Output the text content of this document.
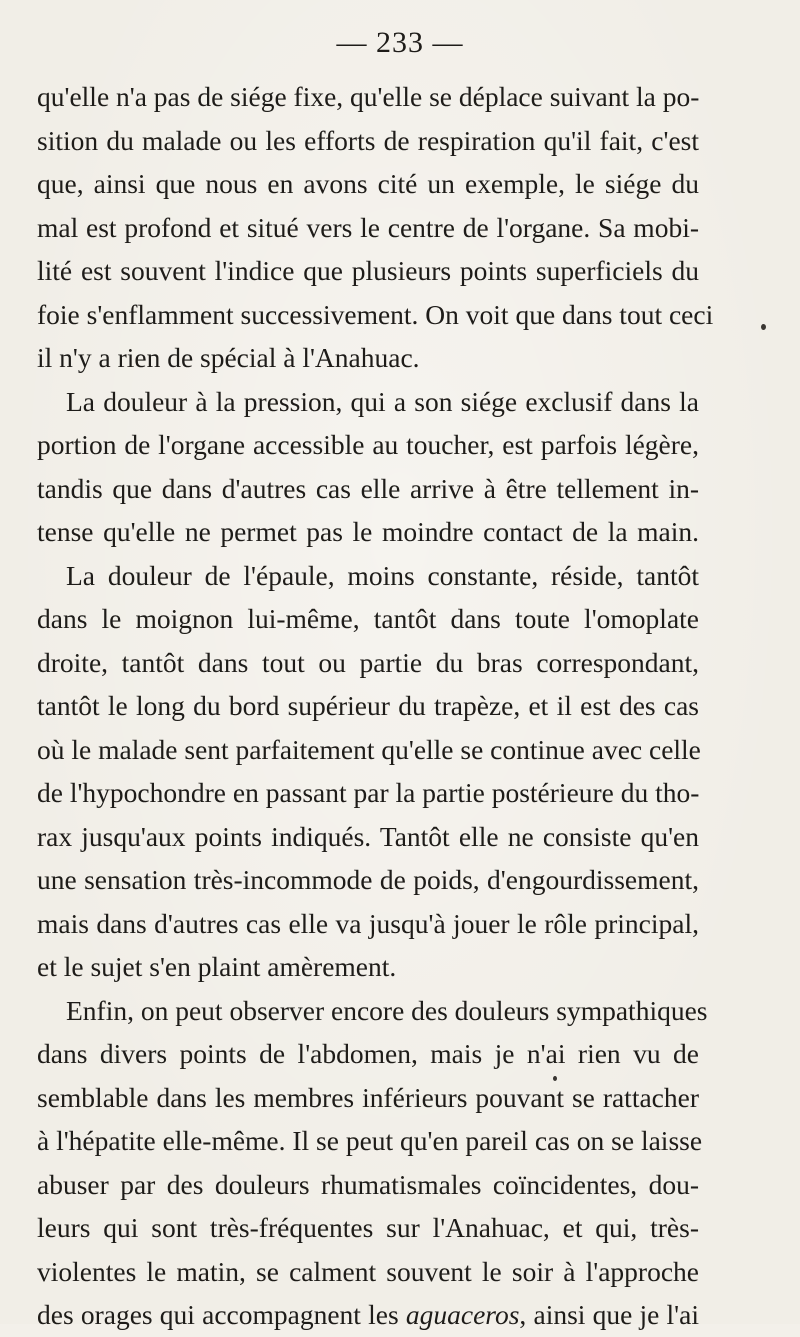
— 233 —
qu'elle n'a pas de siége fixe, qu'elle se déplace suivant la po-
sition du malade ou les efforts de respiration qu'il fait, c'est
que, ainsi que nous en avons cité un exemple, le siége du
mal est profond et situé vers le centre de l'organe. Sa mobi-
lité est souvent l'indice que plusieurs points superficiels du
foie s'enflamment successivement. On voit que dans tout ceci
il n'y a rien de spécial à l'Anahuac.
La douleur à la pression, qui a son siége exclusif dans la
portion de l'organe accessible au toucher, est parfois légère,
tandis que dans d'autres cas elle arrive à être tellement in-
tense qu'elle ne permet pas le moindre contact de la main.
La douleur de l'épaule, moins constante, réside, tantôt
dans le moignon lui-même, tantôt dans toute l'omoplate
droite, tantôt dans tout ou partie du bras correspondant,
tantôt le long du bord supérieur du trapèze, et il est des cas
où le malade sent parfaitement qu'elle se continue avec celle
de l'hypochondre en passant par la partie postérieure du tho-
rax jusqu'aux points indiqués. Tantôt elle ne consiste qu'en
une sensation très-incommode de poids, d'engourdissement,
mais dans d'autres cas elle va jusqu'à jouer le rôle principal,
et le sujet s'en plaint amèrement.
Enfin, on peut observer encore des douleurs sympathiques
dans divers points de l'abdomen, mais je n'ai rien vu de
semblable dans les membres inférieurs pouvant se rattacher
à l'hépatite elle-même. Il se peut qu'en pareil cas on se laisse
abuser par des douleurs rhumatismales coïncidentes, dou-
leurs qui sont très-fréquentes sur l'Anahuac, et qui, très-
violentes le matin, se calment souvent le soir à l'approche
des orages qui accompagnent les aguaceros, ainsi que je l'ai
